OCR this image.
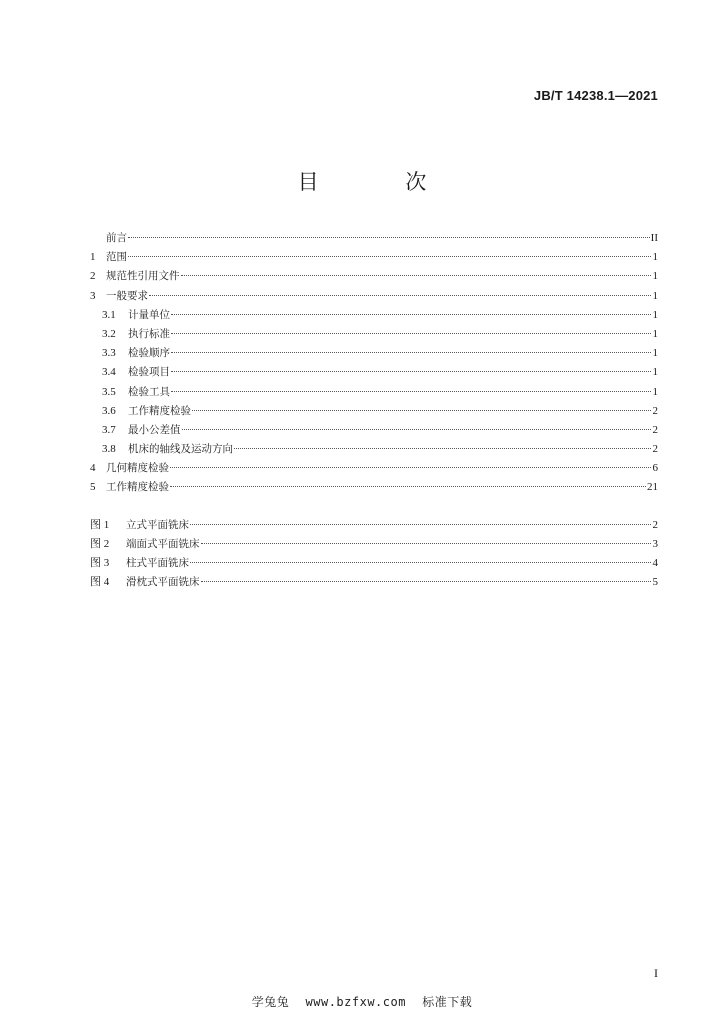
JB/T 14238.1—2021
目 次
前言	II
1	范围	1
2	规范性引用文件	1
3	一般要求	1
3.1	计量单位	1
3.2	执行标准	1
3.3	检验顺序	1
3.4	检验项目	1
3.5	检验工具	1
3.6	工作精度检验	2
3.7	最小公差值	2
3.8	机床的轴线及运动方向	2
4	几何精度检验	6
5	工作精度检验	21
图 1	立式平面铣床	2
图 2	端面式平面铣床	3
图 3	柱式平面铣床	4
图 4	滑枕式平面铣床	5
I
学兔兔 www.bzfxw.com 标准下载
